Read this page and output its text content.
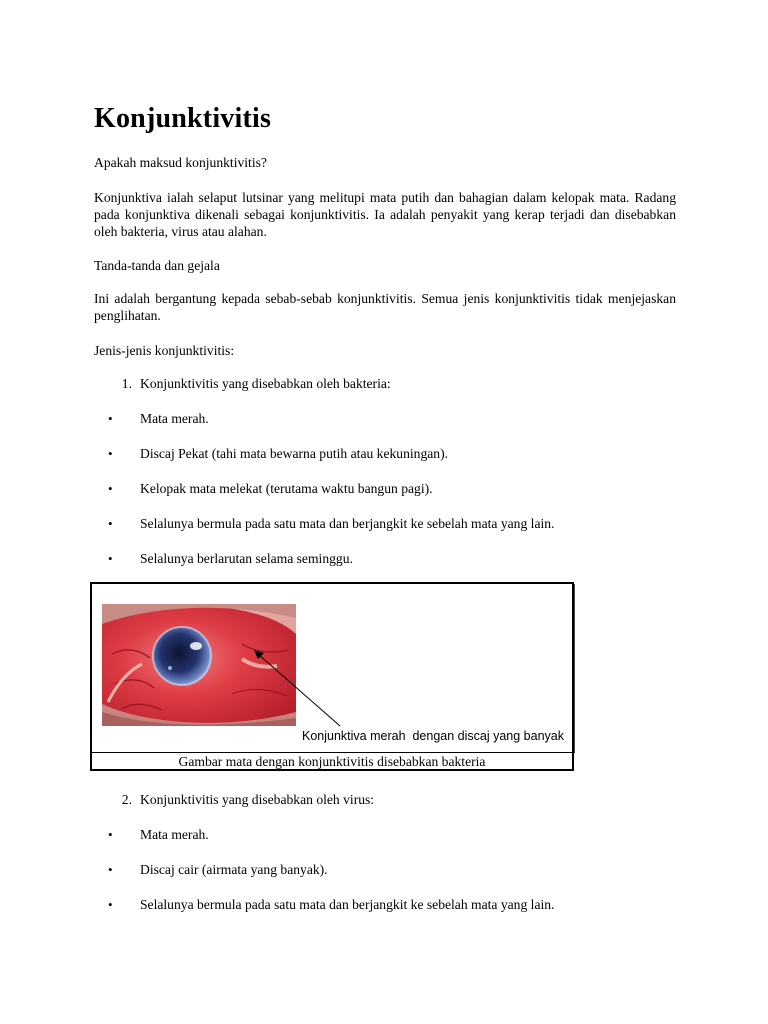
Konjunktivitis

Apakah maksud konjunktivitis?

Konjunktiva ialah selaput lutsinar yang melitupi mata putih dan bahagian dalam kelopak mata. Radang pada konjunktiva dikenali sebagai konjunktivitis. Ia adalah penyakit yang kerap terjadi dan disebabkan oleh bakteria, virus atau alahan.

Tanda-tanda dan gejala

Ini adalah bergantung kepada sebab-sebab konjunktivitis. Semua jenis konjunktivitis tidak menjejaskan penglihatan.

Jenis-jenis konjunktivitis:

1. Konjunktivitis yang disebabkan oleh bakteria:
• Mata merah.
• Discaj Pekat (tahi mata bewarna putih atau kekuningan).
• Kelopak mata melekat (terutama waktu bangun pagi).
• Selalunya bermula pada satu mata dan berjangkit ke sebelah mata yang lain.
• Selalunya berlarutan selama seminggu.
2. Konjunktivitis yang disebabkan oleh virus:
• Mata merah.
• Discaj cair (airmata yang banyak).
• Selalunya bermula pada satu mata dan berjangkit ke sebelah mata yang lain.
Konjunktiva merah  dengan discaj yang banyak
Gambar mata dengan konjunktivitis disebabkan bakteria
